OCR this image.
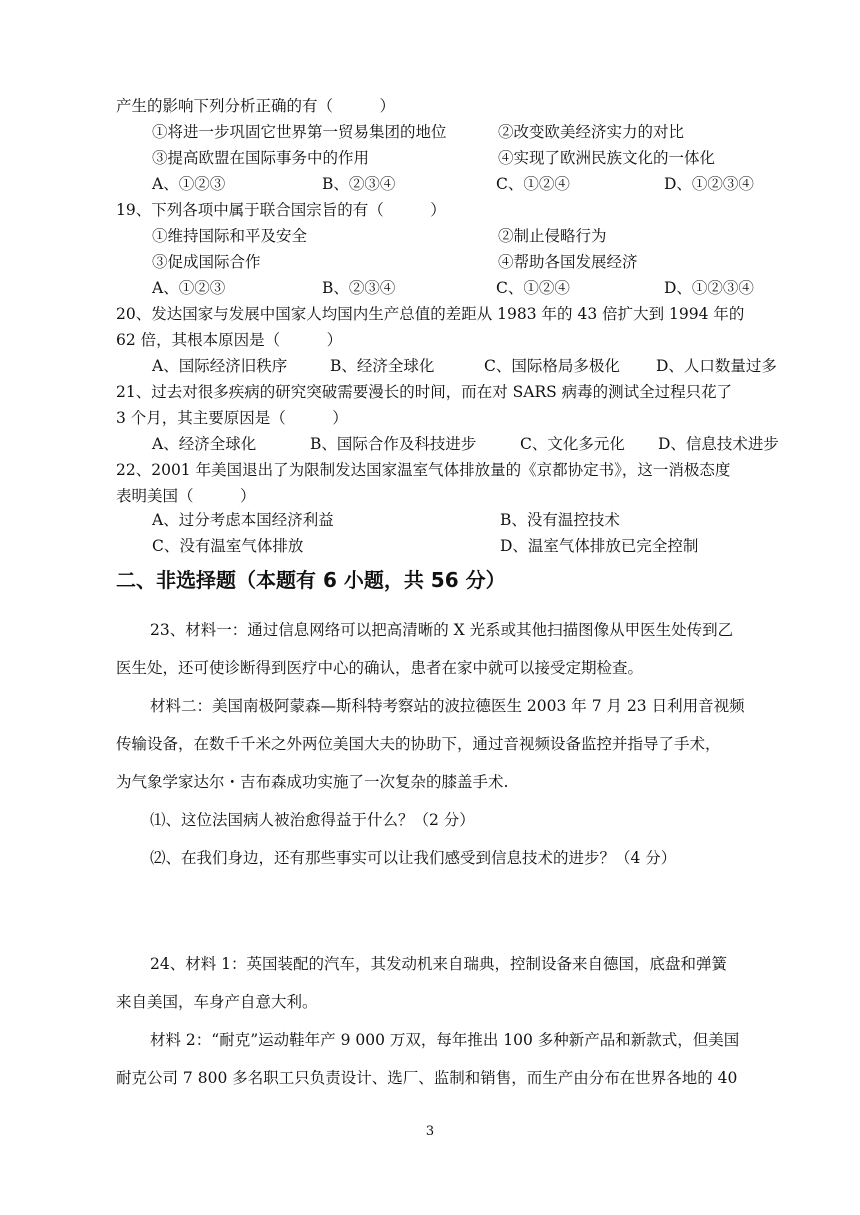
产生的影响下列分析正确的有（　　　）
①将进一步巩固它世界第一贸易集团的地位	②改变欧美经济实力的对比
③提高欧盟在国际事务中的作用	④实现了欧洲民族文化的一体化
A、①②③	B、②③④	C、①②④	D、①②③④
19、下列各项中属于联合国宗旨的有（　　　）
①维持国际和平及安全	②制止侵略行为
③促成国际合作	④帮助各国发展经济
A、①②③	B、②③④	C、①②④	D、①②③④
20、发达国家与发展中国家人均国内生产总值的差距从 1983 年的 43 倍扩大到 1994 年的
62 倍，其根本原因是（　　　）
A、国际经济旧秩序	B、经济全球化	C、国际格局多极化 D、人口数量过多
21、过去对很多疾病的研究突破需要漫长的时间，而在对 SARS 病毒的测试全过程只花了
3 个月，其主要原因是（　　　）
A、经济全球化	B、国际合作及科技进步	C、文化多元化 D、信息技术进步
22、2001 年美国退出了为限制发达国家温室气体排放量的《京都协定书》，这一消极态度
表明美国（　　　）
A、过分考虑本国经济利益	B、没有温控技术
C、没有温室气体排放	D、温室气体排放已完全控制
二、非选择题（本题有 6 小题，共 56 分）
23、材料一：通过信息网络可以把高清晰的 X 光系或其他扫描图像从甲医生处传到乙
医生处，还可使诊断得到医疗中心的确认，患者在家中就可以接受定期检查。
材料二：美国南极阿蒙森—斯科特考察站的波拉德医生 2003 年 7 月 23 日利用音视频
传输设备，在数千千米之外两位美国大夫的协助下，通过音视频设备监控并指导了手术，
为气象学家达尔・吉布森成功实施了一次复杂的膝盖手术.
⑴、这位法国病人被治愈得益于什么？（2 分）
⑵、在我们身边，还有那些事实可以让我们感受到信息技术的进步？（4 分）
24、材料 1：英国装配的汽车，其发动机来自瑞典，控制设备来自德国，底盘和弹簧
来自美国，车身产自意大利。
材料 2：“耐克”运动鞋年产 9 000 万双，每年推出 100 多种新产品和新款式，但美国
耐克公司 7 800 多名职工只负责设计、选厂、监制和销售，而生产由分布在世界各地的 40
3
